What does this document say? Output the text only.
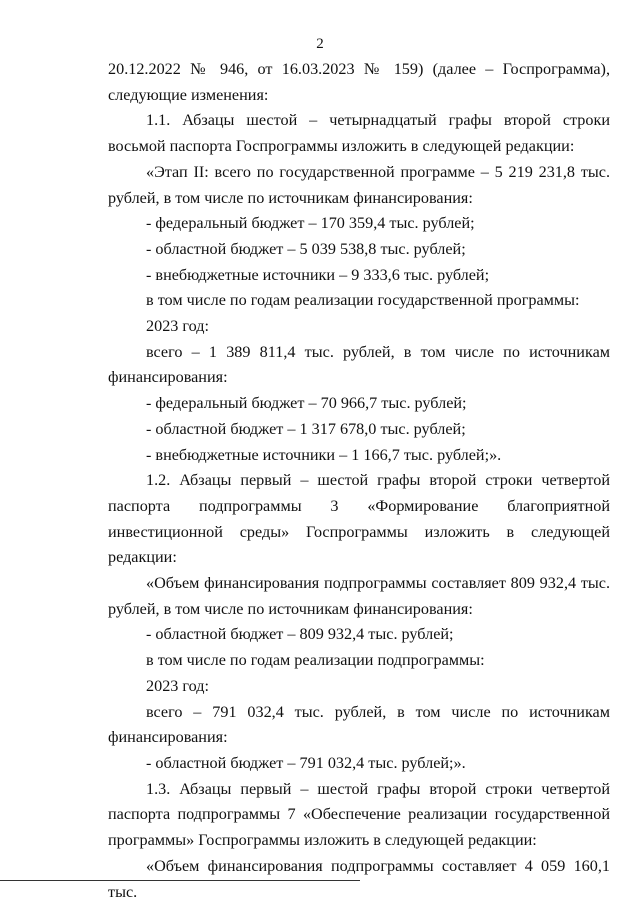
2

20.12.2022 № 946, от 16.03.2023 № 159) (далее – Госпрограмма), следующие изменения:

1.1. Абзацы шестой – четырнадцатый графы второй строки восьмой паспорта Госпрограммы изложить в следующей редакции:

«Этап II: всего по государственной программе – 5 219 231,8 тыс. рублей, в том числе по источникам финансирования:

- федеральный бюджет – 170 359,4 тыс. рублей;

- областной бюджет – 5 039 538,8 тыс. рублей;

- внебюджетные источники – 9 333,6 тыс. рублей;

в том числе по годам реализации государственной программы:

2023 год:

всего – 1 389 811,4 тыс. рублей, в том числе по источникам финансирования:

- федеральный бюджет – 70 966,7 тыс. рублей;

- областной бюджет – 1 317 678,0 тыс. рублей;

- внебюджетные источники – 1 166,7 тыс. рублей;».

1.2. Абзацы первый – шестой графы второй строки четвертой паспорта подпрограммы 3 «Формирование благоприятной инвестиционной среды» Госпрограммы изложить в следующей редакции:

«Объем финансирования подпрограммы составляет 809 932,4 тыс. рублей, в том числе по источникам финансирования:

- областной бюджет – 809 932,4 тыс. рублей;

в том числе по годам реализации подпрограммы:

2023 год:

всего – 791 032,4 тыс. рублей, в том числе по источникам финансирования:

- областной бюджет – 791 032,4 тыс. рублей;».

1.3. Абзацы первый – шестой графы второй строки четвертой паспорта подпрограммы 7 «Обеспечение реализации государственной программы» Госпрограммы изложить в следующей редакции:

«Объем финансирования подпрограммы составляет 4 059 160,1 тыс.
